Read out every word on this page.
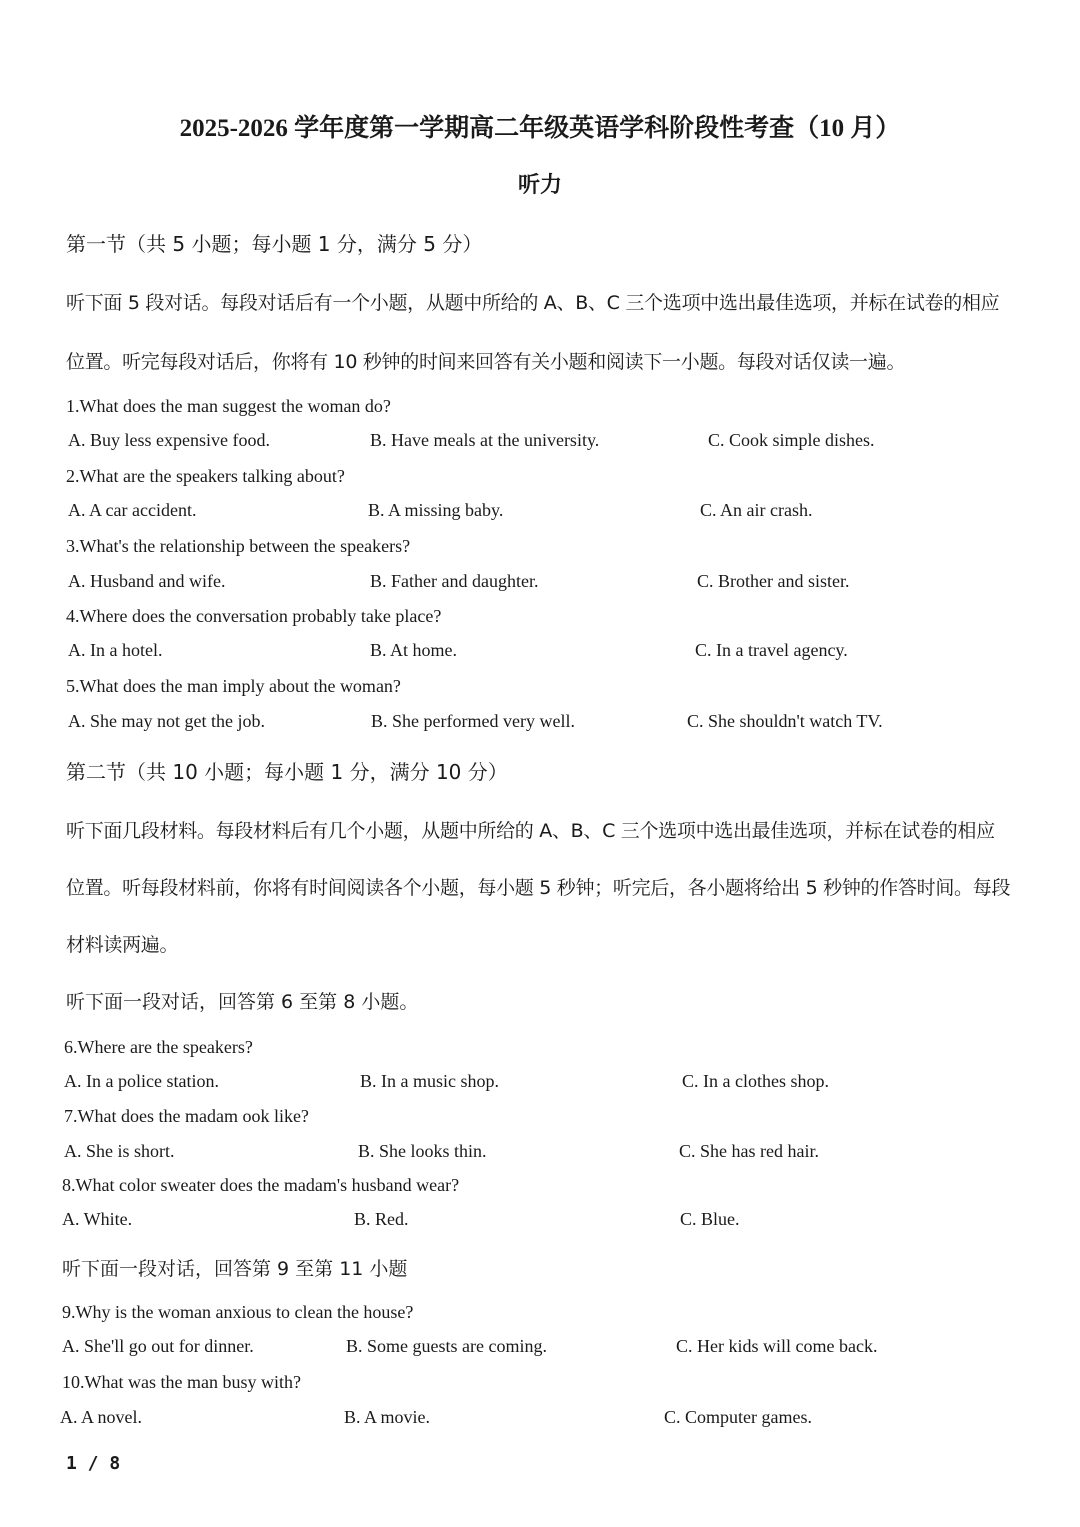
2025-2026 学年度第一学期高二年级英语学科阶段性考查（10 月）
听力
第一节（共 5 小题；每小题 1 分，满分 5 分）
听下面 5 段对话。每段对话后有一个小题，从题中所给的 A、B、C 三个选项中选出最佳选项，并标在试卷的相应
位置。听完每段对话后，你将有 10 秒钟的时间来回答有关小题和阅读下一小题。每段对话仅读一遍。
1.What does the man suggest the woman do?
A. Buy less expensive food.	B. Have meals at the university.	C. Cook simple dishes.
2.What are the speakers talking about?
A. A car accident.	B. A missing baby.	C. An air crash.
3.What's the relationship between the speakers?
A. Husband and wife.	B. Father and daughter.	C. Brother and sister.
4.Where does the conversation probably take place?
A. In a hotel.	B. At home.	C. In a travel agency.
5.What does the man imply about the woman?
A. She may not get the job.	B. She performed very well.	C. She shouldn't watch TV.
第二节（共 10 小题；每小题 1 分，满分 10 分）
听下面几段材料。每段材料后有几个小题，从题中所给的 A、B、C 三个选项中选出最佳选项，并标在试卷的相应
位置。听每段材料前，你将有时间阅读各个小题，每小题 5 秒钟；听完后，各小题将给出 5 秒钟的作答时间。每段
材料读两遍。
听下面一段对话，回答第 6 至第 8 小题。
6.Where are the speakers?
A. In a police station.	B. In a music shop.	C. In a clothes shop.
7.What does the madam ook like?
A. She is short.	B. She looks thin.	C. She has red hair.
8.What color sweater does the madam's husband wear?
A. White.	B. Red.	C. Blue.
听下面一段对话，回答第 9 至第 11 小题
9.Why is the woman anxious to clean the house?
A. She'll go out for dinner.	B. Some guests are coming.	C. Her kids will come back.
10.What was the man busy with?
A. A novel.	B. A movie.	C. Computer games.
1 / 8
